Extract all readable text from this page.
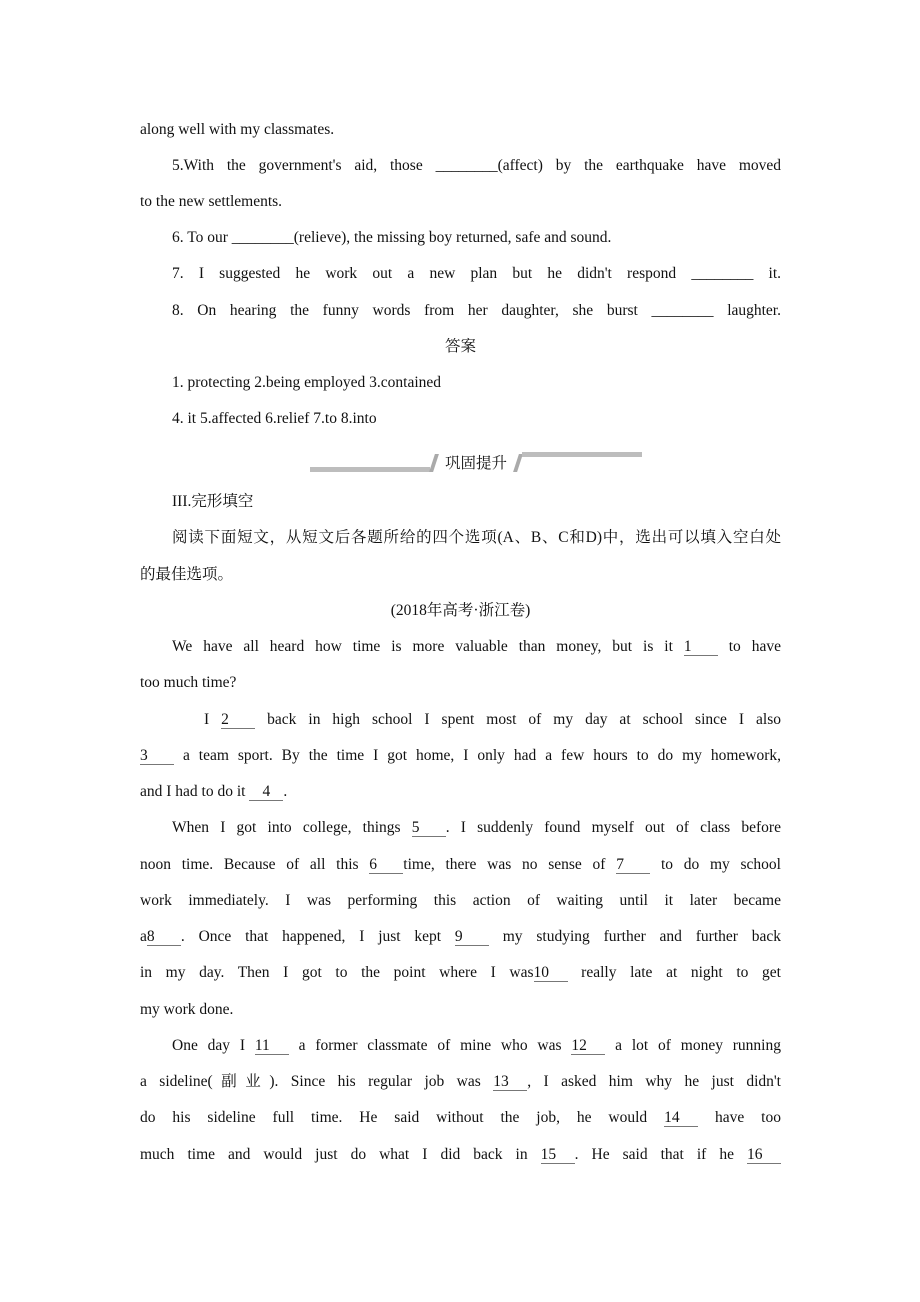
along well with my classmates.
5.With the government's aid, those ________(affect) by the earthquake have moved
to the new settlements.
6. To our ________(relieve), the missing boy returned, safe and sound.
7. I suggested he work out a new plan but he didn't respond ________ it.
8. On hearing the funny words from her daughter, she burst ________ laughter.
答案
1. protecting 2.being employed 3.contained
4. it 5.affected 6.relief 7.to 8.into
III.完形填空
阅读下面短文，从短文后各题所给的四个选项(A、B、C和D)中，选出可以填入空白处
的最佳选项。
(2018年高考·浙江卷)
We have all heard how time is more valuable than money, but is it 1 to have
too much time?
I 2 back in high school I spent most of my day at school since I also
3 a team sport. By the time I got home, I only had a few hours to do my homework,
and I had to do it 4 .
When I got into college, things 5 . I suddenly found myself out of class before
noon time. Because of all this 6 time, there was no sense of 7 to do my school
work immediately. I was performing this action of waiting until it later became
a8 . Once that happened, I just kept 9 my studying further and further back
in my day. Then I got to the point where I was10 really late at night to get
my work done.
One day I 11 a former classmate of mine who was 12 a lot of money running
a sideline(副业). Since his regular job was 13 , I asked him why he just didn't
do his sideline full time. He said without the job, he would 14 have too
much time and would just do what I did back in 15 . He said that if he 16
巩固提升
